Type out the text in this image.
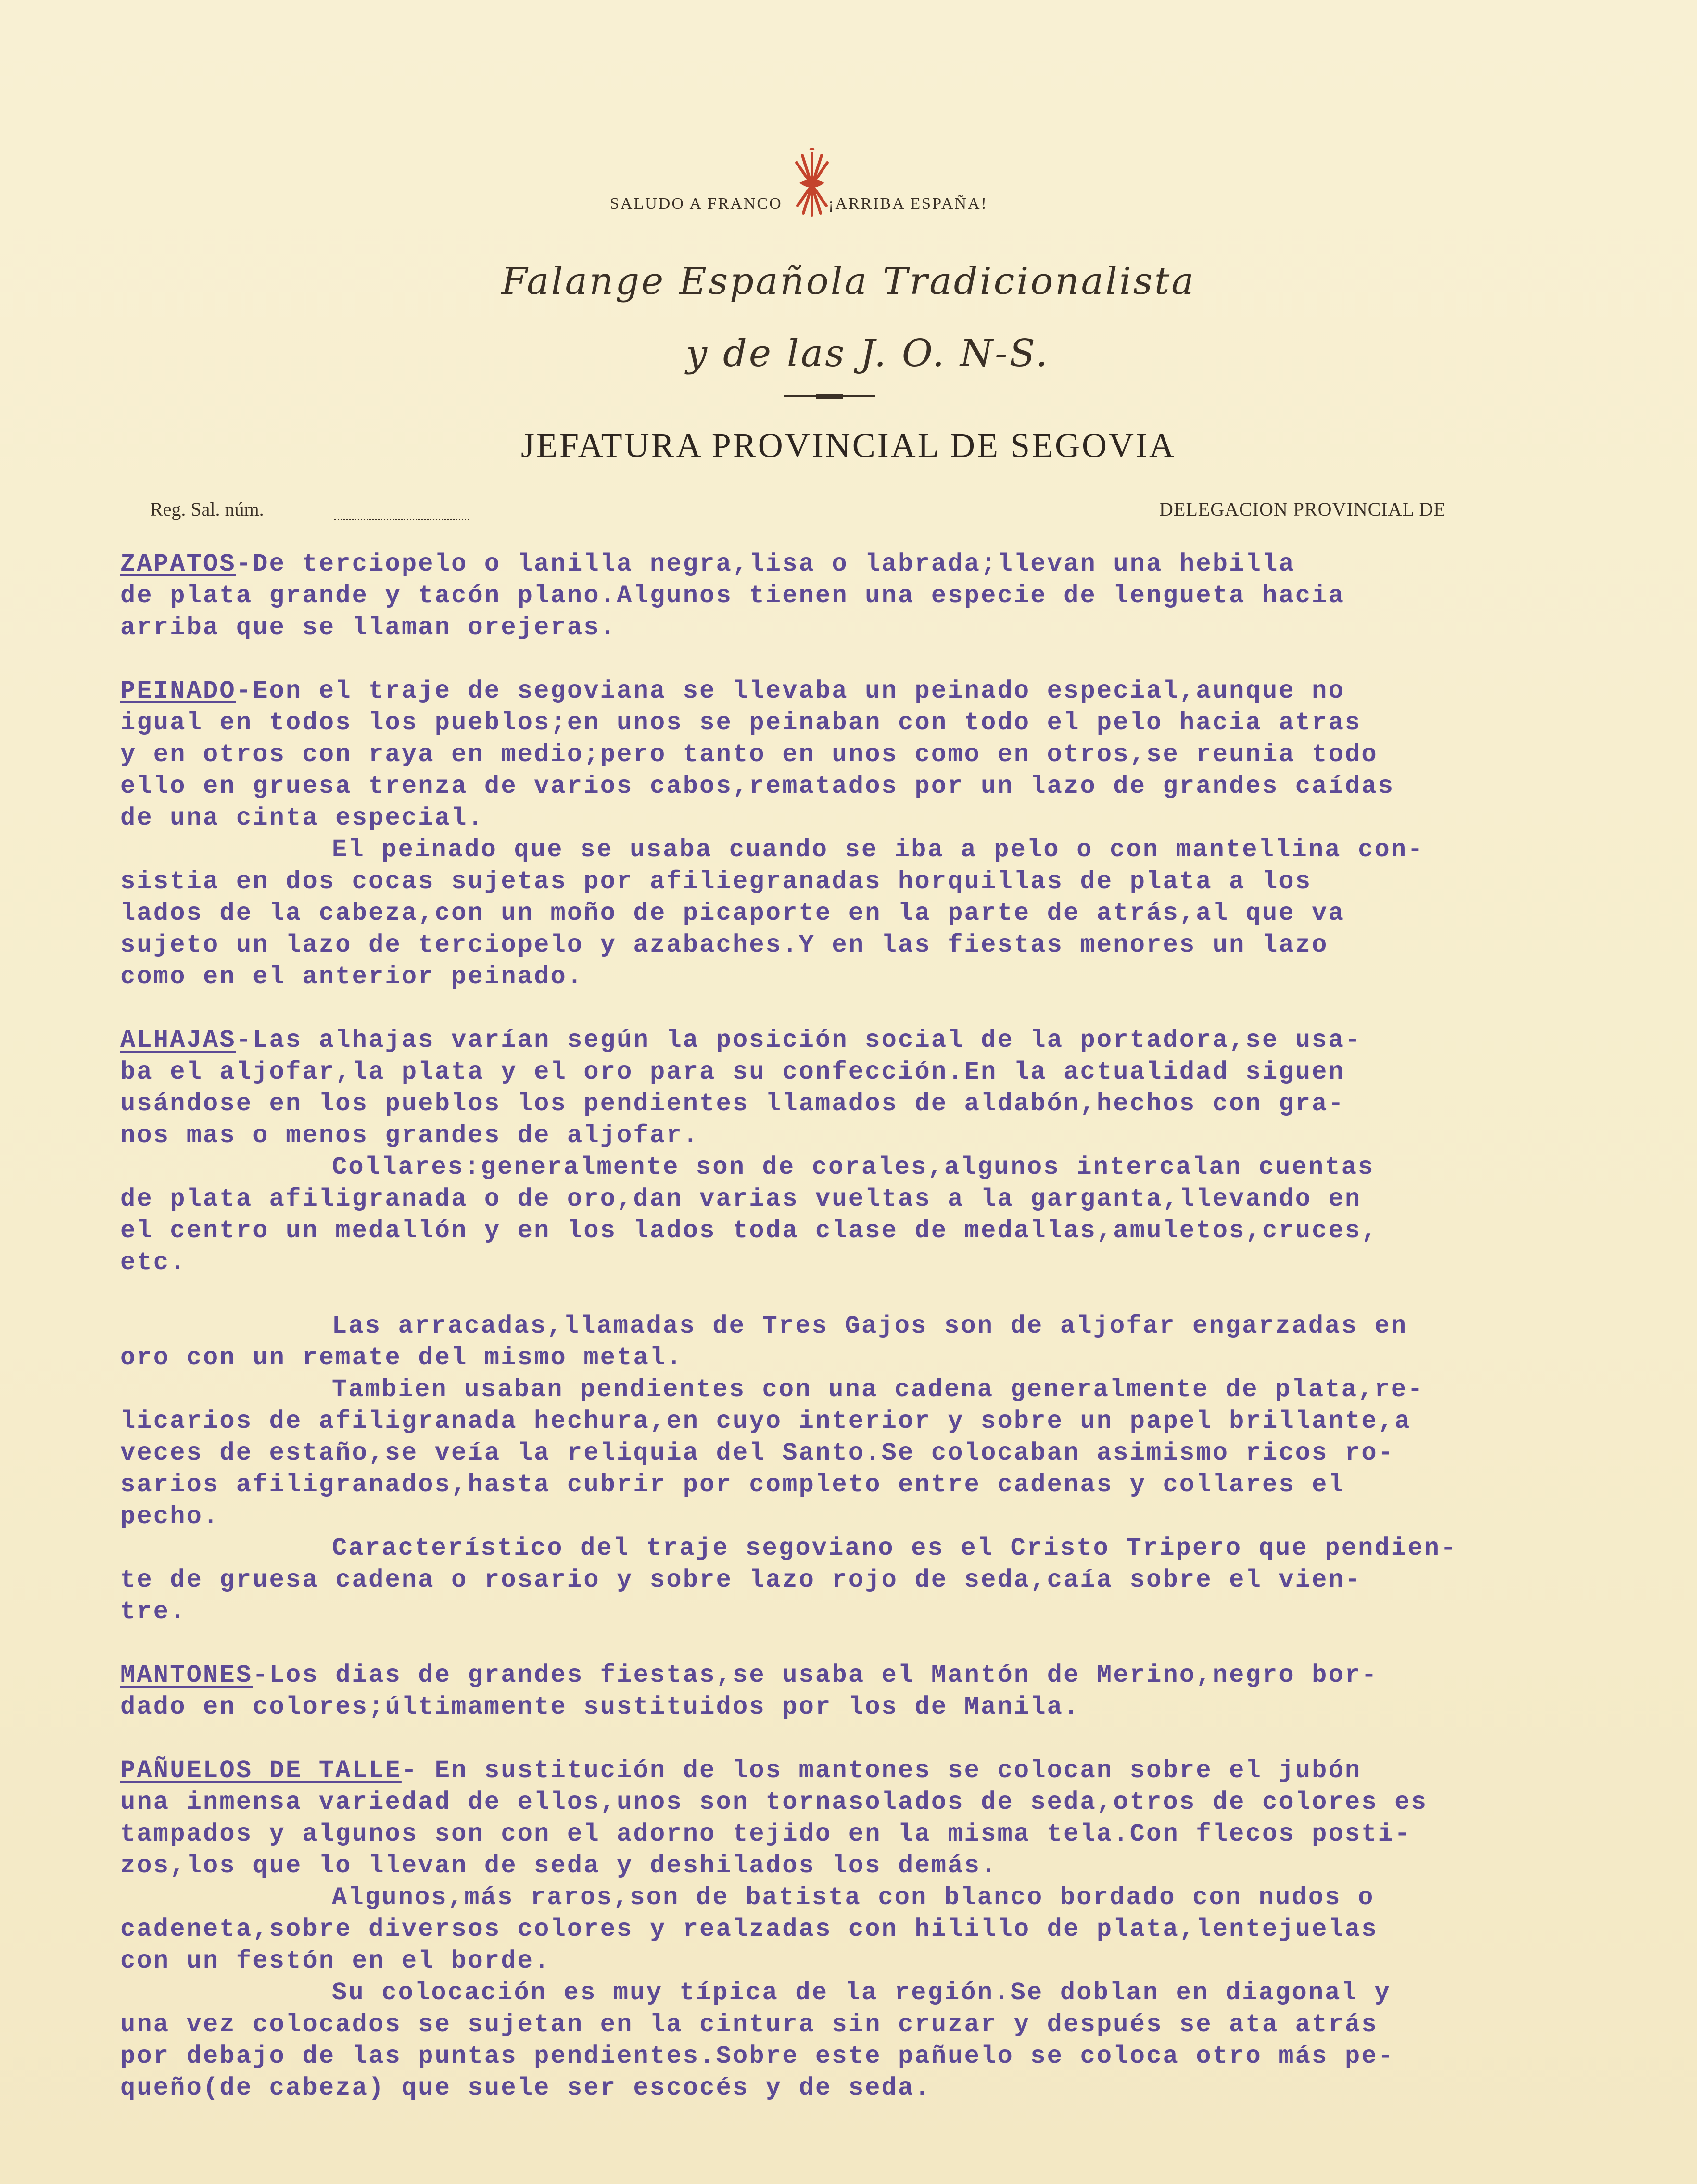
SALUDO A FRANCO	¡ARRIBA ESPAÑA!
Falange Española Tradicionalista
y de las J. O. N-S.
JEFATURA PROVINCIAL DE SEGOVIA
Reg. Sal. núm.	DELEGACION PROVINCIAL DE
ZAPATOS-De terciopelo o lanilla negra,lisa o labrada;llevan una hebilla
de plata grande y tacón plano.Algunos tienen una especie de lengueta hacia
arriba que se llaman orejeras.
PEINADO-Eon el traje de segoviana se llevaba un peinado especial,aunque no
igual en todos los pueblos;en unos se peinaban con todo el pelo hacia atras
y en otros con raya en medio;pero tanto en unos como en otros,se reunia todo
ello en gruesa trenza de varios cabos,rematados por un lazo de grandes caídas
de una cinta especial.
El peinado que se usaba cuando se iba a pelo o con mantellina con-
sistia en dos cocas sujetas por afiliegranadas horquillas de plata a los
lados de la cabeza,con un moño de picaporte en la parte de atrás,al que va
sujeto un lazo de terciopelo y azabaches.Y en las fiestas menores un lazo
como en el anterior peinado.
ALHAJAS-Las alhajas varían según la posición social de la portadora,se usa-
ba el aljofar,la plata y el oro para su confección.En la actualidad siguen
usándose en los pueblos los pendientes llamados de aldabón,hechos con gra-
nos mas o menos grandes de aljofar.
Collares:generalmente son de corales,algunos intercalan cuentas
de plata afiligranada o de oro,dan varias vueltas a la garganta,llevando en
el centro un medallón y en los lados toda clase de medallas,amuletos,cruces,
etc.
Las arracadas,llamadas de Tres Gajos son de aljofar engarzadas en
oro con un remate del mismo metal.
Tambien usaban pendientes con una cadena generalmente de plata,re-
licarios de afiligranada hechura,en cuyo interior y sobre un papel brillante,a
veces de estaño,se veía la reliquia del Santo.Se colocaban asimismo ricos ro-
sarios afiligranados,hasta cubrir por completo entre cadenas y collares el
pecho.
Característico del traje segoviano es el Cristo Tripero que pendien-
te de gruesa cadena o rosario y sobre lazo rojo de seda,caía sobre el vien-
tre.
MANTONES-Los dias de grandes fiestas,se usaba el Mantón de Merino,negro bor-
dado en colores;últimamente sustituidos por los de Manila.
PAÑUELOS DE TALLE- En sustitución de los mantones se colocan sobre el jubón
una inmensa variedad de ellos,unos son tornasolados de seda,otros de colores es
tampados y algunos son con el adorno tejido en la misma tela.Con flecos posti-
zos,los que lo llevan de seda y deshilados los demás.
Algunos,más raros,son de batista con blanco bordado con nudos o
cadeneta,sobre diversos colores y realzadas con hilillo de plata,lentejuelas
con un festón en el borde.
Su colocación es muy típica de la región.Se doblan en diagonal y
una vez colocados se sujetan en la cintura sin cruzar y después se ata atrás
por debajo de las puntas pendientes.Sobre este pañuelo se coloca otro más pe-
queño(de cabeza) que suele ser escocés y de seda.
